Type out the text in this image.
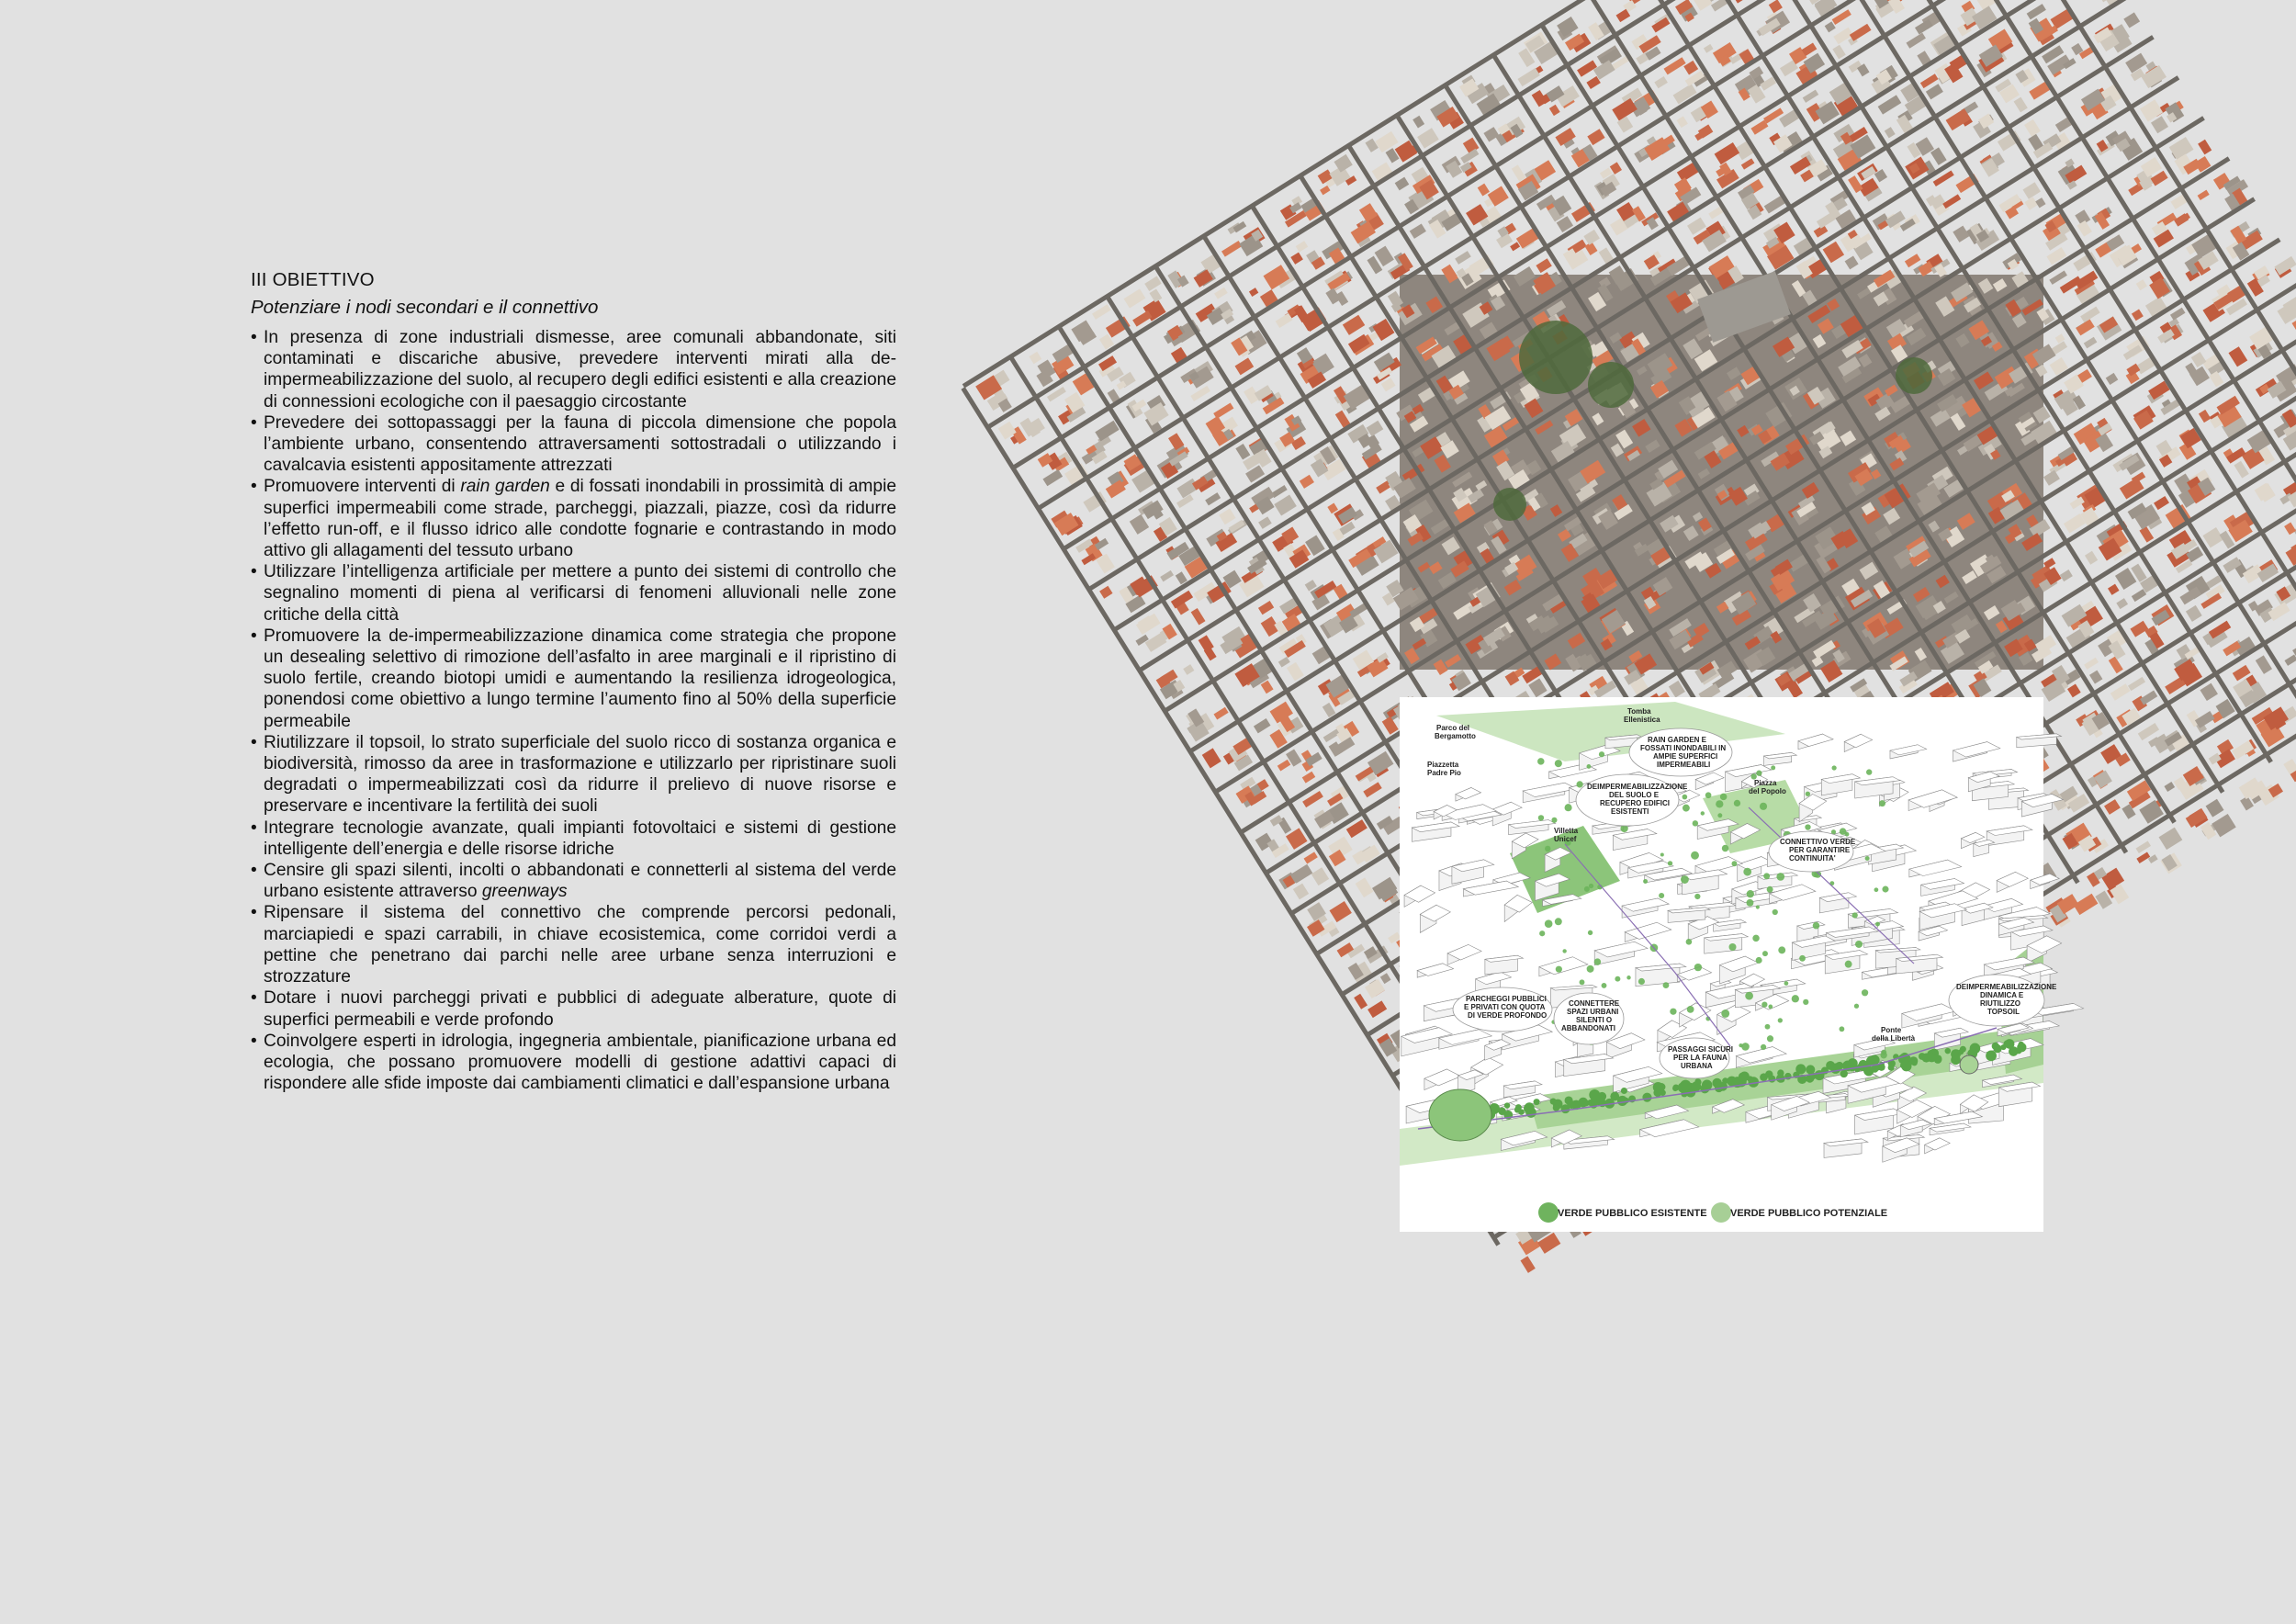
III OBIETTIVO

Potenziare i nodi secondari e il connettivo

• In presenza di zone industriali dismesse, aree comunali abbandonate, siti contaminati e discariche abusive, prevedere interventi mirati alla de-impermeabilizzazione del suolo, al recupero degli edifici esistenti e alla creazione di connessioni ecologiche con il paesaggio circostante
• Prevedere dei sottopassaggi per la fauna di piccola dimensione che popola l’ambiente urbano, consentendo attraversamenti sottostradali o utilizzando i cavalcavia esistenti appositamente attrezzati
• Promuovere interventi di rain garden e di fossati inondabili in prossimità di ampie superfici impermeabili come strade, parcheggi, piazzali, piazze, così da ridurre l’effetto run-off, e il flusso idrico alle condotte fognarie e contrastando in modo attivo gli allagamenti del tessuto urbano
• Utilizzare l’intelligenza artificiale per mettere a punto dei sistemi di controllo che segnalino momenti di piena al verificarsi di fenomeni alluvionali nelle zone critiche della città
• Promuovere la de-impermeabilizzazione dinamica come strategia che propone un desealing selettivo di rimozione dell’asfalto in aree marginali e il ripristino di suolo fertile, creando biotopi umidi e aumentando la resilienza idrogeologica, ponendosi come obiettivo a lungo termine l’aumento fino al 50% della superficie permeabile
• Riutilizzare il topsoil, lo strato superficiale del suolo ricco di sostanza organica e biodiversità, rimosso da aree in trasformazione e utilizzarlo per ripristinare suoli degradati o impermeabilizzati così da ridurre il prelievo di nuove risorse e preservare e incentivare la fertilità dei suoli
• Integrare tecnologie avanzate, quali impianti fotovoltaici e sistemi di gestione intelligente dell’energia e delle risorse idriche
• Censire gli spazi silenti, incolti o abbandonati e connetterli al sistema del verde urbano esistente attraverso greenways
• Ripensare il sistema del connettivo che comprende percorsi pedonali, marciapiedi e spazi carrabili, in chiave ecosistemica, come corridoi verdi a pettine che penetrano dai parchi nelle aree urbane senza interruzioni e strozzature
• Dotare i nuovi parcheggi privati e pubblici di adeguate alberature, quote di superfici permeabili e verde profondo
• Coinvolgere esperti in idrologia, ingegneria ambientale, pianificazione urbana ed ecologia, che possano promuovere modelli di gestione adattivi capaci di rispondere alle sfide imposte dai cambiamenti climatici e dall’espansione urbana
Parco del
Bergamotto
Tomba
Ellenistica
Piazzetta
Padre Pio
RAIN GARDEN E
FOSSATI INONDABILI IN
AMPIE SUPERFICI
IMPERMEABILI
DEIMPERMEABILIZZAZIONE
DEL SUOLO E
RECUPERO EDIFICI
ESISTENTI
Piazza
del Popolo
Villetta
Unicef	CONNETTIVO VERDE
PER GARANTIRE
CONTINUITA'
PARCHEGGI PUBBLICI
E PRIVATI CON QUOTA
DI VERDE PROFONDO
CONNETTERE
SPAZI URBANI
SILENTI O
ABBANDONATI
PASSAGGI SICURI
PER LA FAUNA
URBANA
DEIMPERMEABILIZZAZIONE
DINAMICA E
RIUTILIZZO
TOPSOIL
Ponte
della Libertà
VERDE PUBBLICO ESISTENTE VERDE PUBBLICO POTENZIALE
